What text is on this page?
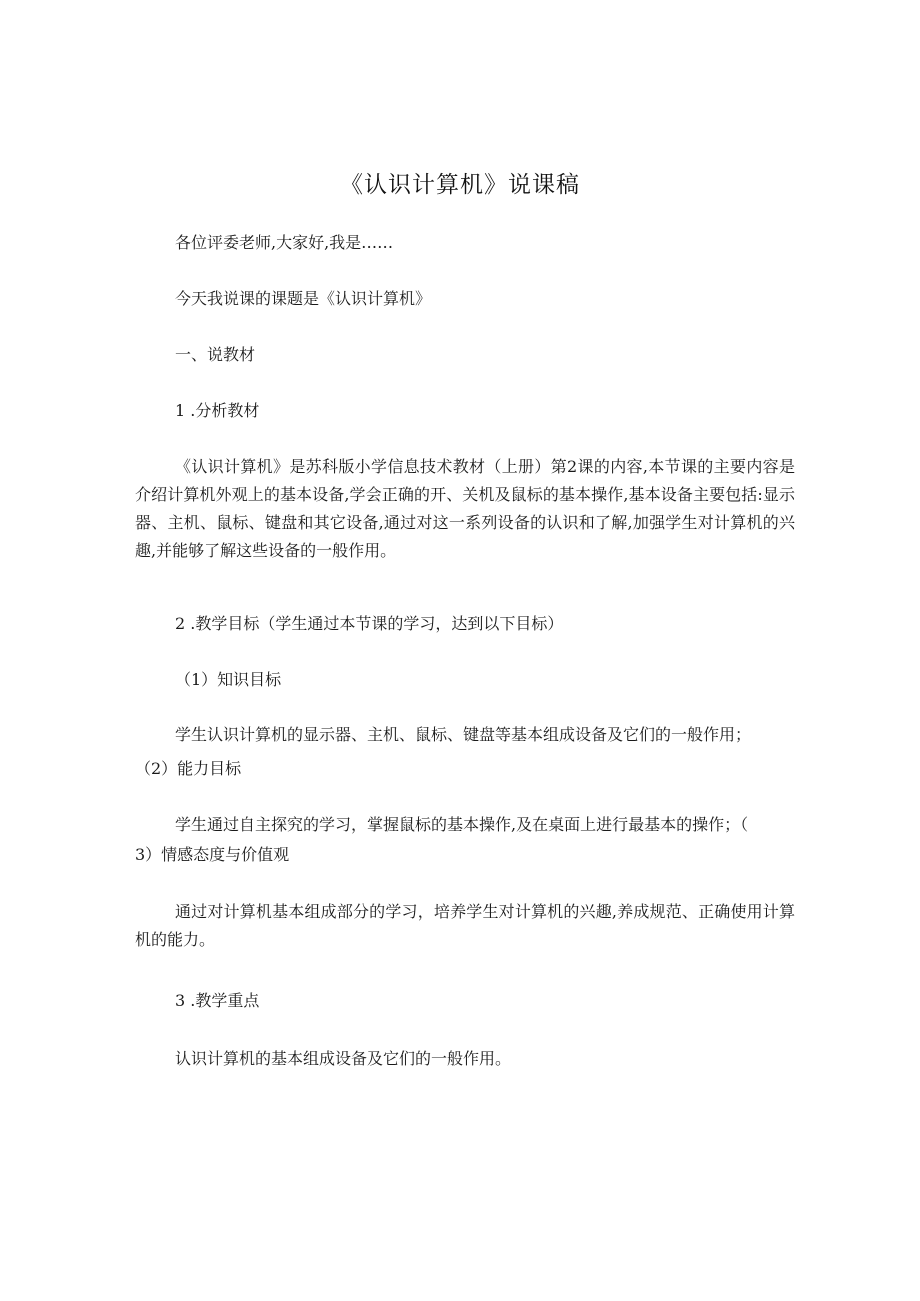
《认识计算机》说课稿
各位评委老师,大家好,我是……
今天我说课的课题是《认识计算机》
一、说教材
1 .分析教材
《认识计算机》是苏科版小学信息技术教材（上册）第2课的内容,本节课的主要内容是介绍计算机外观上的基本设备,学会正确的开、关机及鼠标的基本操作,基本设备主要包括:显示器、主机、鼠标、键盘和其它设备,通过对这一系列设备的认识和了解,加强学生对计算机的兴趣,并能够了解这些设备的一般作用。
2 .教学目标（学生通过本节课的学习，达到以下目标）
（1）知识目标
学生认识计算机的显示器、主机、鼠标、键盘等基本组成设备及它们的一般作用；
（2）能力目标
学生通过自主探究的学习，掌握鼠标的基本操作,及在桌面上进行最基本的操作；（
3）情感态度与价值观
通过对计算机基本组成部分的学习，培养学生对计算机的兴趣,养成规范、正确使用计算机的能力。
3 .教学重点
认识计算机的基本组成设备及它们的一般作用。
